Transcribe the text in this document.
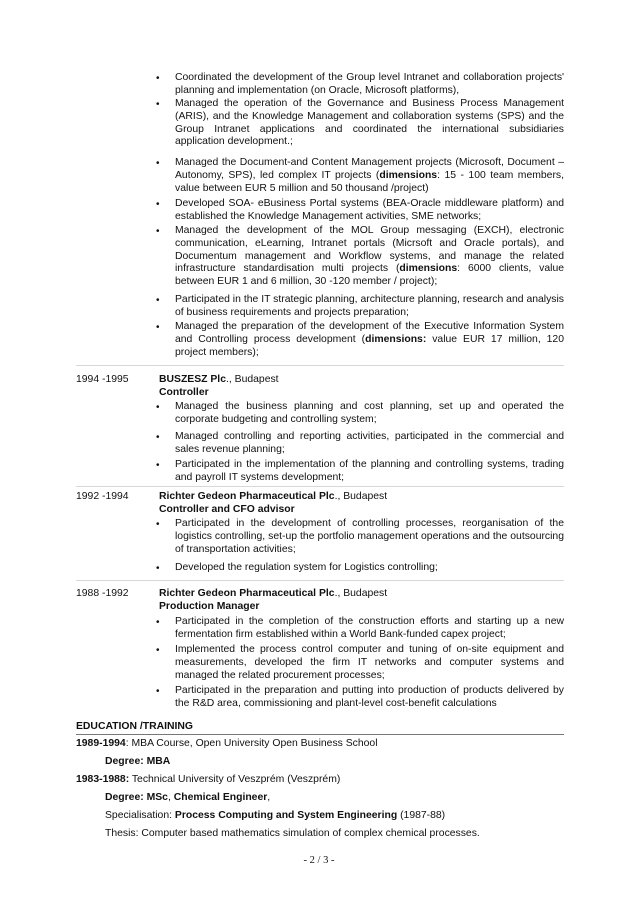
• Coordinated the development of the Group level Intranet and collaboration projects' planning and implementation (on Oracle, Microsoft platforms),
• Managed the operation of the Governance and Business Process Management (ARIS), and the Knowledge Management and collaboration systems (SPS) and the Group Intranet applications and coordinated the international subsidiaries application development.;
• Managed the Document-and Content Management projects (Microsoft, Document – Autonomy, SPS), led complex IT projects (dimensions: 15 - 100 team members, value between EUR 5 million and 50 thousand /project)
• Developed SOA- eBusiness Portal systems (BEA-Oracle middleware platform) and established the Knowledge Management activities, SME networks;
• Managed the development of the MOL Group messaging (EXCH), electronic communication, eLearning, Intranet portals (Micrsoft and Oracle portals), and Documentum management and Workflow systems, and manage the related infrastructure standardisation multi projects (dimensions: 6000 clients, value between EUR 1 and 6 million, 30 -120 member / project);
• Participated in the IT strategic planning, architecture planning, research and analysis of business requirements and projects preparation;
• Managed the preparation of the development of the Executive Information System and Controlling process development (dimensions: value EUR 17 million, 120 project members);
1994 -1995	BUSZESZ Plc., Budapest
Controller
• Managed the business planning and cost planning, set up and operated the corporate budgeting and controlling system;
• Managed controlling and reporting activities, participated in the commercial and sales revenue planning;
• Participated in the implementation of the planning and controlling systems, trading and payroll IT systems development;
1992 -1994	Richter Gedeon Pharmaceutical Plc., Budapest
Controller and CFO advisor
• Participated in the development of controlling processes, reorganisation of the logistics controlling, set-up the portfolio management operations and the outsourcing of transportation activities;
• Developed the regulation system for Logistics controlling;
1988 -1992	Richter Gedeon Pharmaceutical Plc., Budapest
Production Manager
• Participated in the completion of the construction efforts and starting up a new fermentation firm established within a World Bank-funded capex project;
• Implemented the process control computer and tuning of on-site equipment and measurements, developed the firm IT networks and computer systems and managed the related procurement processes;
• Participated in the preparation and putting into production of products delivered by the R&D area, commissioning and plant-level cost-benefit calculations
EDUCATION /TRAINING
1989-1994: MBA Course, Open University Open Business School
Degree: MBA
1983-1988: Technical University of Veszprém (Veszprém)
Degree: MSc, Chemical Engineer,
Specialisation: Process Computing and System Engineering (1987-88)
Thesis: Computer based mathematics simulation of complex chemical processes.
- 2 / 3 -
